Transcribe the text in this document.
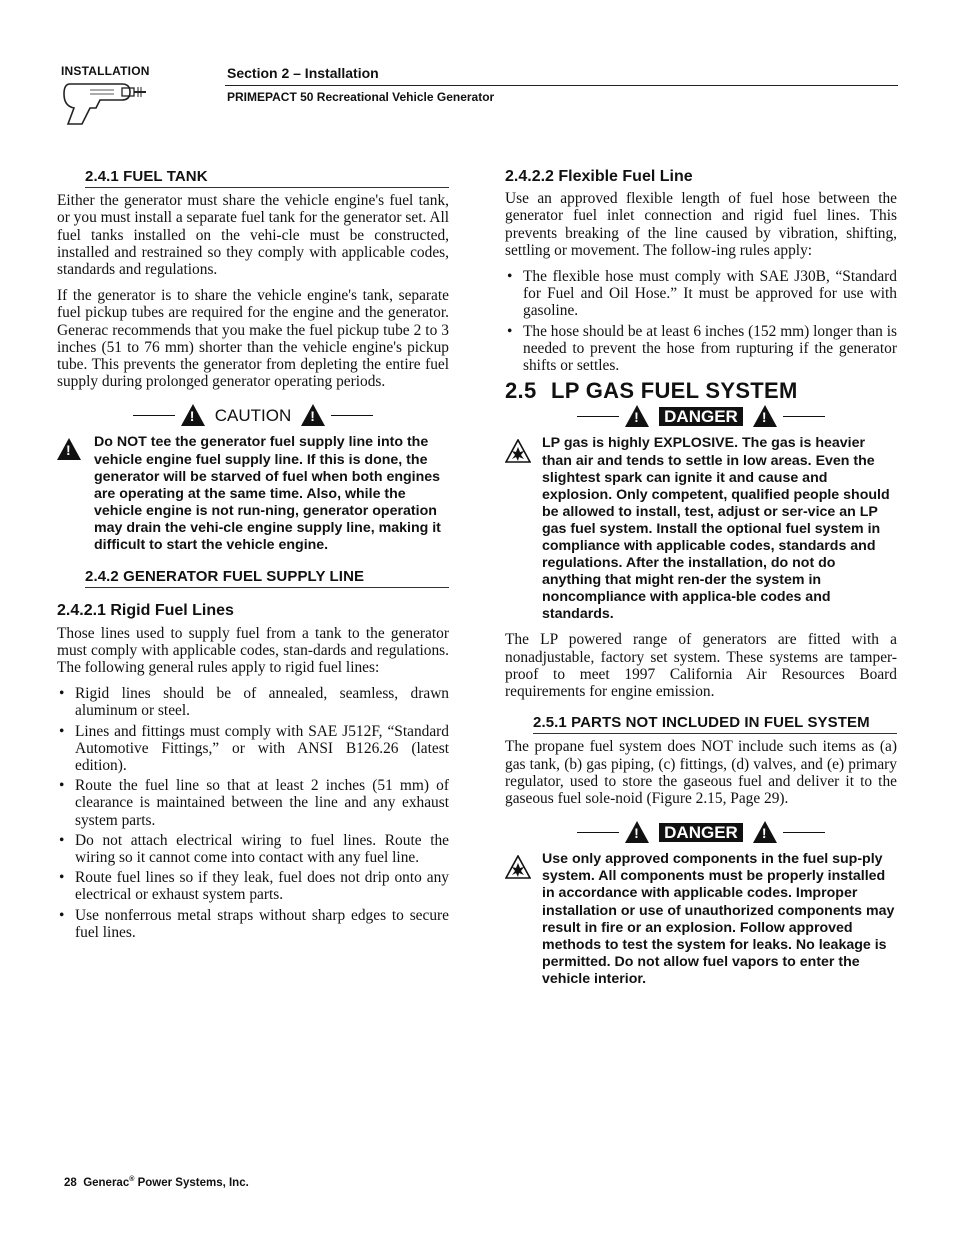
INSTALLATION	Section 2 – Installation
PRIMEPACT 50 Recreational Vehicle Generator
2.4.1 FUEL TANK

Either the generator must share the vehicle engine's fuel tank, or you must install a separate fuel tank for the generator set. All fuel tanks installed on the vehi-cle must be constructed, installed and restrained so they comply with applicable codes, standards and regulations.

If the generator is to share the vehicle engine's tank, separate fuel pickup tubes are required for the engine and the generator. Generac recommends that you make the fuel pickup tube 2 to 3 inches (51 to 76 mm) shorter than the vehicle engine's pickup tube. This prevents the generator from depleting the entire fuel supply during prolonged generator operating periods.

!
CAUTION
!
!
Do NOT tee the generator fuel supply line into the vehicle engine fuel supply line. If this is done, the generator will be starved of fuel when both engines are operating at the same time. Also, while the vehicle engine is not run-ning, generator operation may drain the vehi-cle engine supply line, making it difficult to start the vehicle engine.
2.4.2 GENERATOR FUEL SUPPLY LINE
2.4.2.1 Rigid Fuel Lines

Those lines used to supply fuel from a tank to the generator must comply with applicable codes, stan-dards and regulations. The following general rules apply to rigid fuel lines:

• Rigid lines should be of annealed, seamless, drawn aluminum or steel.
• Lines and fittings must comply with SAE J512F, “Standard Automotive Fittings,” or with ANSI B126.26 (latest edition).
• Route the fuel line so that at least 2 inches (51 mm) of clearance is maintained between the line and any exhaust system parts.
• Do not attach electrical wiring to fuel lines. Route the wiring so it cannot come into contact with any fuel line.
• Route fuel lines so if they leak, fuel does not drip onto any electrical or exhaust system parts.
• Use nonferrous metal straps without sharp edges to secure fuel lines.
2.4.2.2 Flexible Fuel Line

Use an approved flexible length of fuel hose between the generator fuel inlet connection and rigid fuel lines. This prevents breaking of the line caused by vibration, shifting, settling or movement. The follow-ing rules apply:

• The flexible hose must comply with SAE J30B, “Standard for Fuel and Oil Hose.” It must be approved for use with gasoline.
• The hose should be at least 6 inches (152 mm) longer than is needed to prevent the hose from rupturing if the generator shifts or settles.
2.5 LP GAS FUEL SYSTEM
!
DANGER
!
LP gas is highly EXPLOSIVE. The gas is heavier than air and tends to settle in low areas. Even the slightest spark can ignite it and cause and explosion. Only competent, qualified people should be allowed to install, test, adjust or ser-vice an LP gas fuel system. Install the optional fuel system in compliance with applicable codes, standards and regulations. After the installation, do not do anything that might ren-der the system in noncompliance with applica-ble codes and standards.

The LP powered range of generators are fitted with a nonadjustable, factory set system. These systems are tamper-proof to meet 1997 California Air Resources Board requirements for engine emission.

2.5.1 PARTS NOT INCLUDED IN FUEL SYSTEM

The propane fuel system does NOT include such items as (a) gas tank, (b) gas piping, (c) fittings, (d) valves, and (e) primary regulator, used to store the gaseous fuel and deliver it to the gaseous fuel sole-noid (Figure 2.15, Page 29).

!
DANGER
!
Use only approved components in the fuel sup-ply system. All components must be properly installed in accordance with applicable codes. Improper installation or use of unauthorized components may result in fire or an explosion. Follow approved methods to test the system for leaks. No leakage is permitted. Do not allow fuel vapors to enter the vehicle interior.
28 Generac® Power Systems, Inc.
